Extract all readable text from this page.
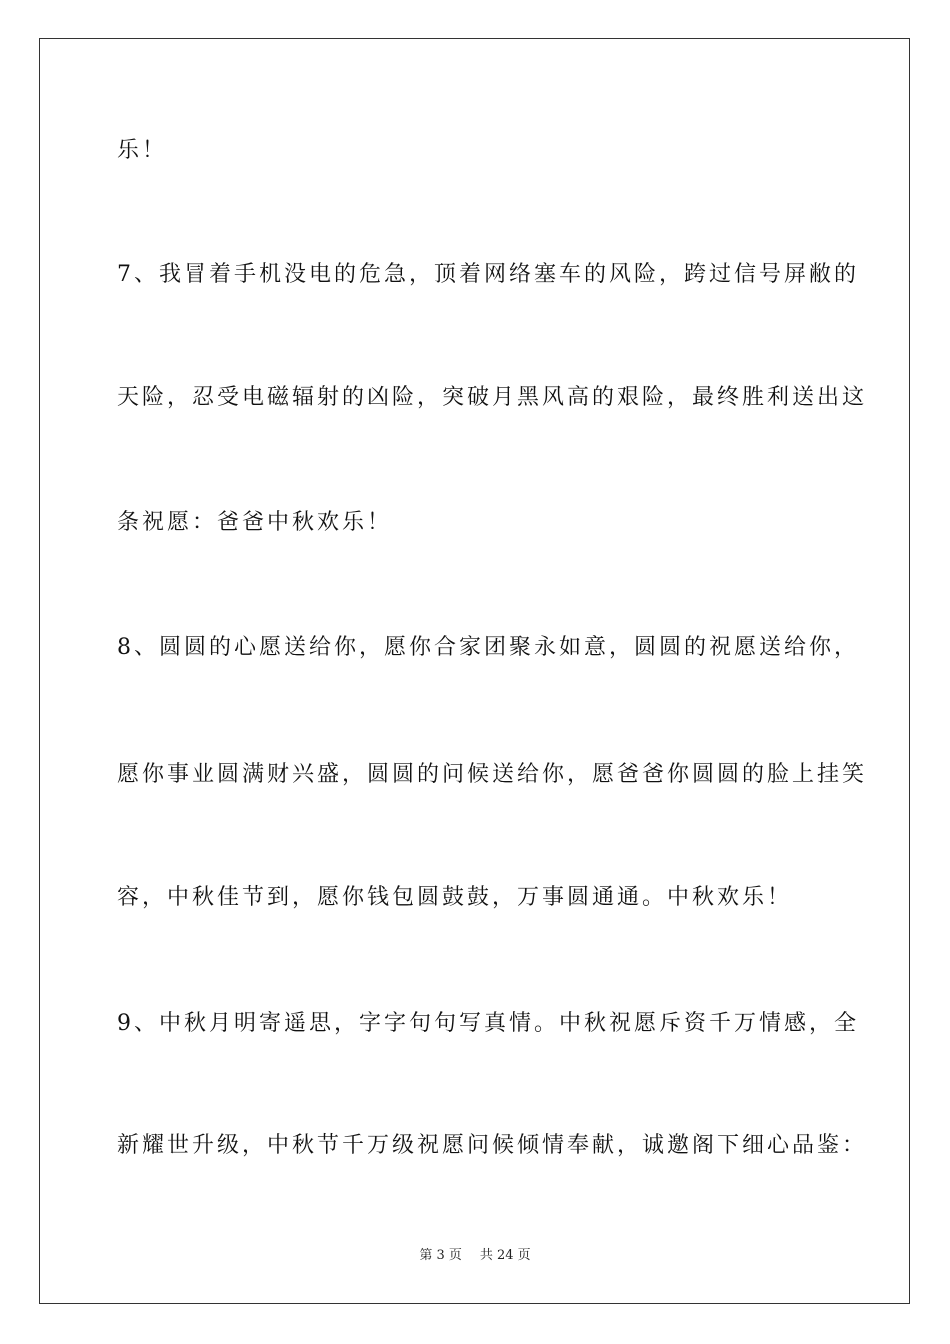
乐！
7、我冒着手机没电的危急，顶着网络塞车的风险，跨过信号屏敝的
天险，忍受电磁辐射的凶险，突破月黑风高的艰险，最终胜利送出这
条祝愿：爸爸中秋欢乐！
8、圆圆的心愿送给你，愿你合家团聚永如意，圆圆的祝愿送给你，
愿你事业圆满财兴盛，圆圆的问候送给你，愿爸爸你圆圆的脸上挂笑
容，中秋佳节到，愿你钱包圆鼓鼓，万事圆通通。中秋欢乐！
9、中秋月明寄遥思，字字句句写真情。中秋祝愿斥资千万情感，全
新耀世升级，中秋节千万级祝愿问候倾情奉献，诚邀阁下细心品鉴：
第 3 页 共 24 页
